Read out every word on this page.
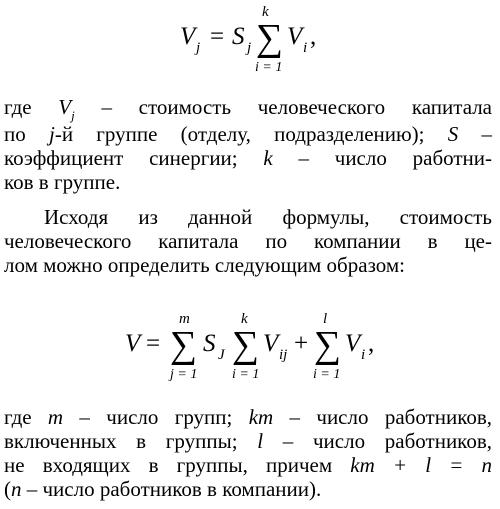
V j = S j
k
∑
i = 1
V i ,
где $V_j$ – стоимость человеческого капитала
по j-й группе (отделу, подразделению); S –
коэффициент синергии; k – число работни-
ков в группе.
Исходя из данной формулы, стоимость
человеческого капитала по компании в це-
лом можно определить следующим образом:
V =
m
∑
j = 1
S J
k
∑
i = 1
V ij +
l
∑
i = 1
V i ,
где m – число групп; km – число работников,
включенных в группы; l – число работников,
не входящих в группы, причем km + l = n
(n – число работников в компании).
